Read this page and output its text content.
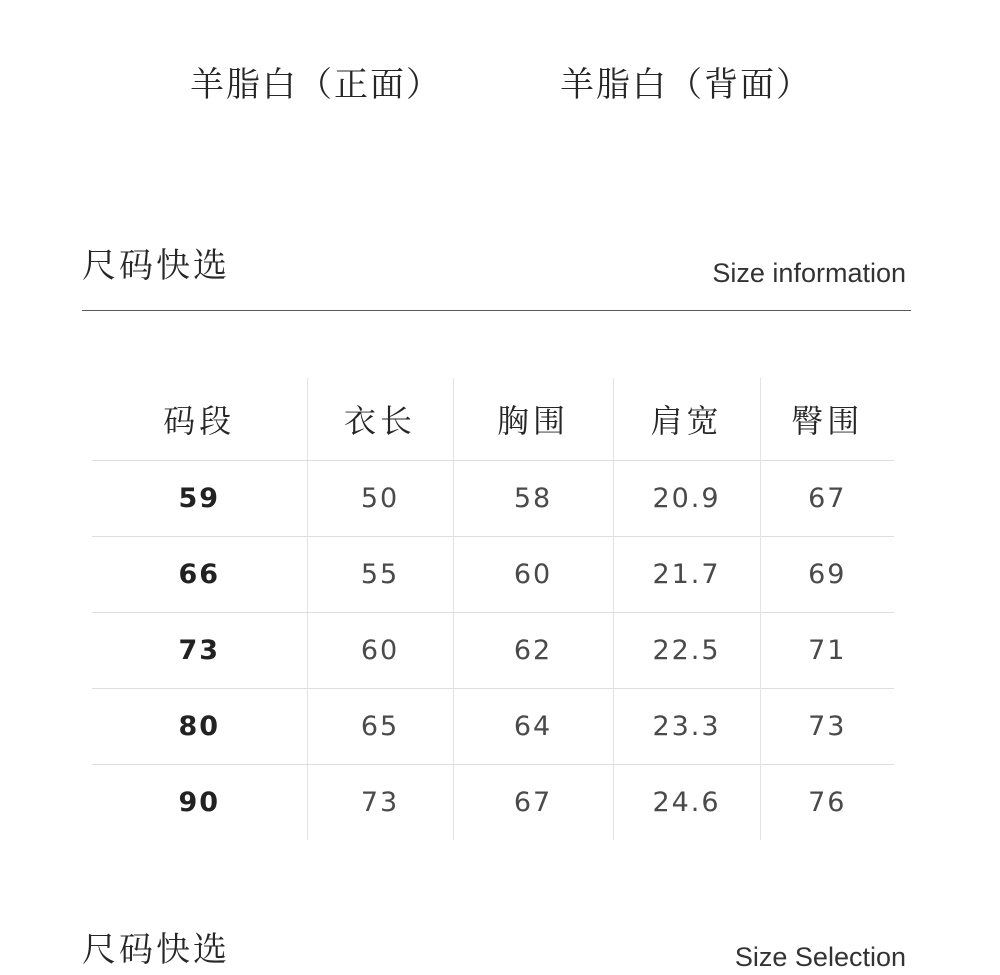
羊脂白（正面）	羊脂白（背面）
尺码快选	Size information
码段	衣长	胸围	肩宽	臀围
59	50	58	20.9	67
66	55	60	21.7	69
73	60	62	22.5	71
80	65	64	23.3	73
90	73	67	24.6	76
尺码快选	Size Selection
